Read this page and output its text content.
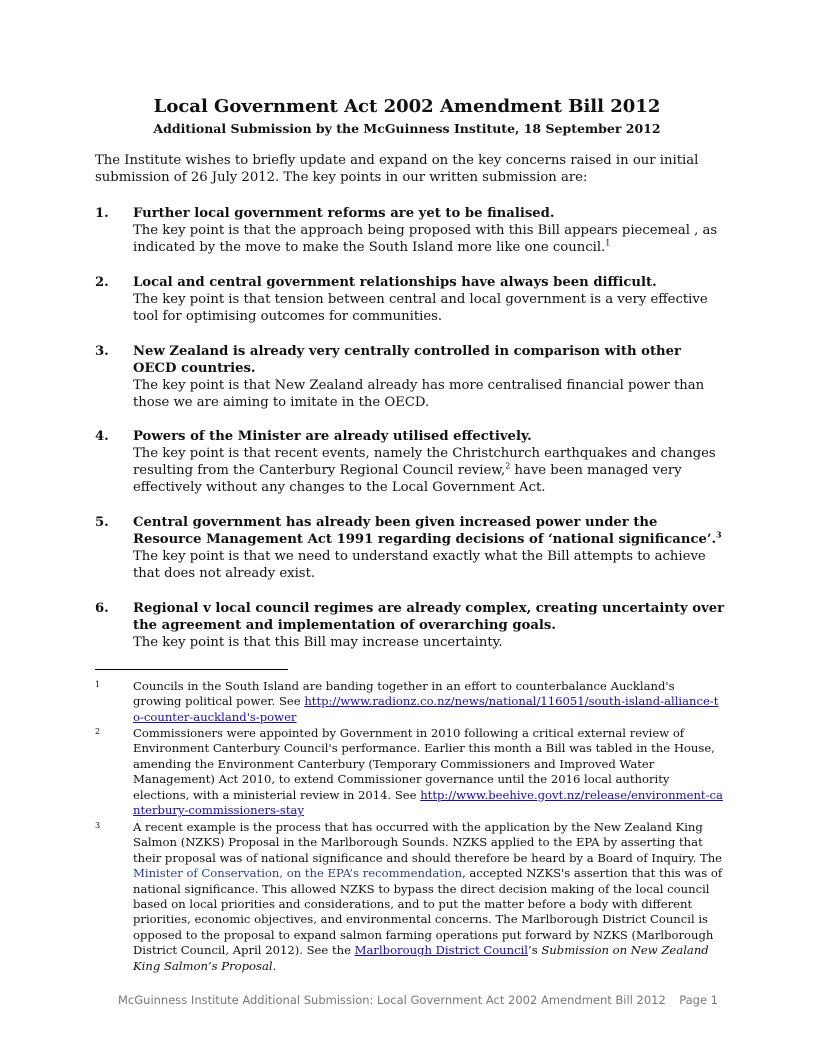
Local Government Act 2002 Amendment Bill 2012
Additional Submission by the McGuinness Institute, 18 September 2012
The Institute wishes to briefly update and expand on the key concerns raised in our initial submission of 26 July 2012. The key points in our written submission are:
1. Further local government reforms are yet to be finalised.
The key point is that the approach being proposed with this Bill appears piecemeal , as indicated by the move to make the South Island more like one council.$^1$
2. Local and central government relationships have always been difficult.
The key point is that tension between central and local government is a very effective tool for optimising outcomes for communities.
3. New Zealand is already very centrally controlled in comparison with other OECD countries.
The key point is that New Zealand already has more centralised financial power than those we are aiming to imitate in the OECD.
4. Powers of the Minister are already utilised effectively.
The key point is that recent events, namely the Christchurch earthquakes and changes resulting from the Canterbury Regional Council review,$^2$ have been managed very effectively without any changes to the Local Government Act.
5. Central government has already been given increased power under the Resource Management Act 1991 regarding decisions of ‘national significance’.$^3$
The key point is that we need to understand exactly what the Bill attempts to achieve that does not already exist.
6. Regional v local council regimes are already complex, creating uncertainty over the agreement and implementation of overarching goals.
The key point is that this Bill may increase uncertainty.
1	Councils in the South Island are banding together in an effort to counterbalance Auckland's growing political power. See http://www.radionz.co.nz/news/national/116051/south-island-alliance-to-counter-auckland's-power
2	Commissioners were appointed by Government in 2010 following a critical external review of Environment Canterbury Council's performance. Earlier this month a Bill was tabled in the House, amending the Environment Canterbury (Temporary Commissioners and Improved Water Management) Act 2010, to extend Commissioner governance until the 2016 local authority elections, with a ministerial review in 2014. See http://www.beehive.govt.nz/release/environment-canterbury-commissioners-stay
3	A recent example is the process that has occurred with the application by the New Zealand King Salmon (NZKS) Proposal in the Marlborough Sounds. NZKS applied to the EPA by asserting that their proposal was of national significance and should therefore be heard by a Board of Inquiry. The Minister of Conservation, on the EPA’s recommendation, accepted NZKS's assertion that this was of national significance. This allowed NZKS to bypass the direct decision making of the local council based on local priorities and considerations, and to put the matter before a body with different priorities, economic objectives, and environmental concerns. The Marlborough District Council is opposed to the proposal to expand salmon farming operations put forward by NZKS (Marlborough District Council, April 2012). See the Marlborough District Council’s Submission on New Zealand King Salmon’s Proposal.
McGuinness Institute Additional Submission: Local Government Act 2002 Amendment Bill 2012 Page 1
